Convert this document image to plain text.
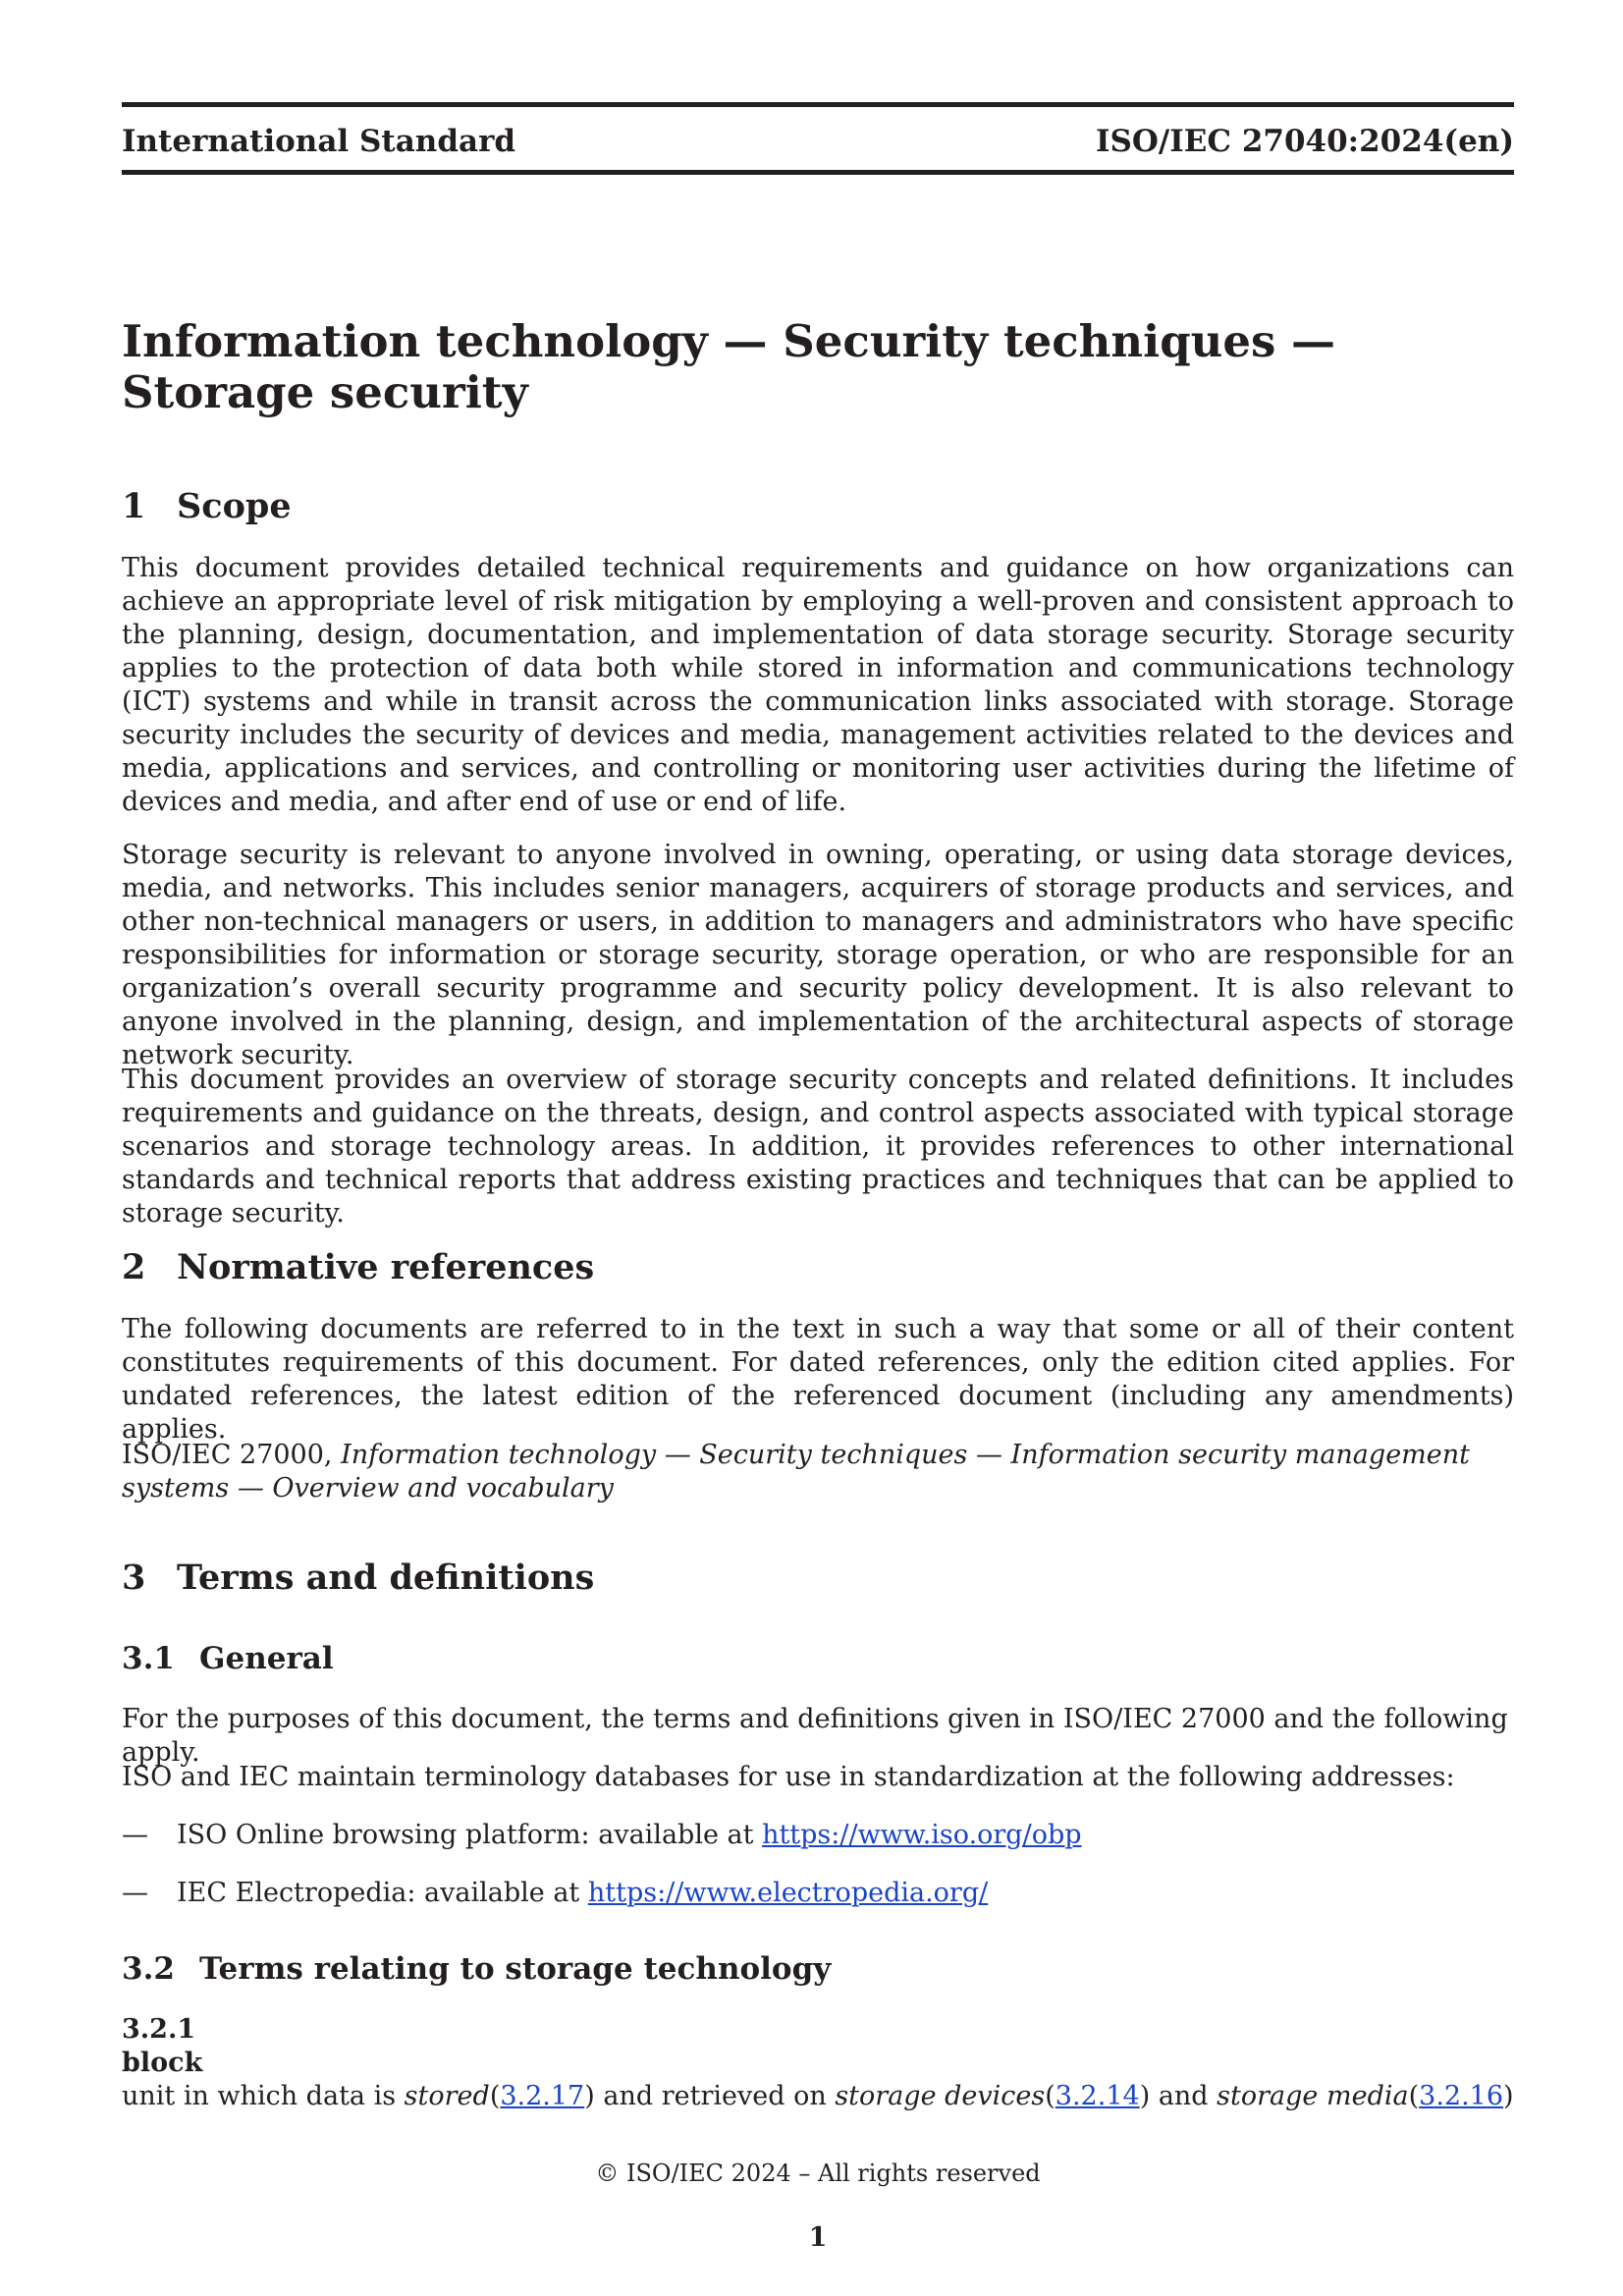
International Standard	ISO/IEC 27040:2024(en)
Information technology — Security techniques — Storage security
1 Scope

This document provides detailed technical requirements and guidance on how organizations can achieve an appropriate level of risk mitigation by employing a well-proven and consistent approach to the planning, design, documentation, and implementation of data storage security. Storage security applies to the protection of data both while stored in information and communications technology (ICT) systems and while in transit across the communication links associated with storage. Storage security includes the security of devices and media, management activities related to the devices and media, applications and services, and controlling or monitoring user activities during the lifetime of devices and media, and after end of use or end of life.

Storage security is relevant to anyone involved in owning, operating, or using data storage devices, media, and networks. This includes senior managers, acquirers of storage products and services, and other non-technical managers or users, in addition to managers and administrators who have specific responsibilities for information or storage security, storage operation, or who are responsible for an organization’s overall security programme and security policy development. It is also relevant to anyone involved in the planning, design, and implementation of the architectural aspects of storage network security.

This document provides an overview of storage security concepts and related definitions. It includes requirements and guidance on the threats, design, and control aspects associated with typical storage scenarios and storage technology areas. In addition, it provides references to other international standards and technical reports that address existing practices and techniques that can be applied to storage security.

2 Normative references

The following documents are referred to in the text in such a way that some or all of their content constitutes requirements of this document. For dated references, only the edition cited applies. For undated references, the latest edition of the referenced document (including any amendments) applies.

ISO/IEC 27000, Information technology — Security techniques — Information security management systems — Overview and vocabulary

3 Terms and definitions
3.1 General

For the purposes of this document, the terms and definitions given in ISO/IEC 27000 and the following apply.

ISO and IEC maintain terminology databases for use in standardization at the following addresses:

— ISO Online browsing platform: available at https://www.iso.org/obp

— IEC Electropedia: available at https://www.electropedia.org/

3.2 Terms relating to storage technology

3.2.1

block

unit in which data is stored(3.2.17) and retrieved on storage devices(3.2.14) and storage media(3.2.16)

© ISO/IEC 2024 – All rights reserved

1
